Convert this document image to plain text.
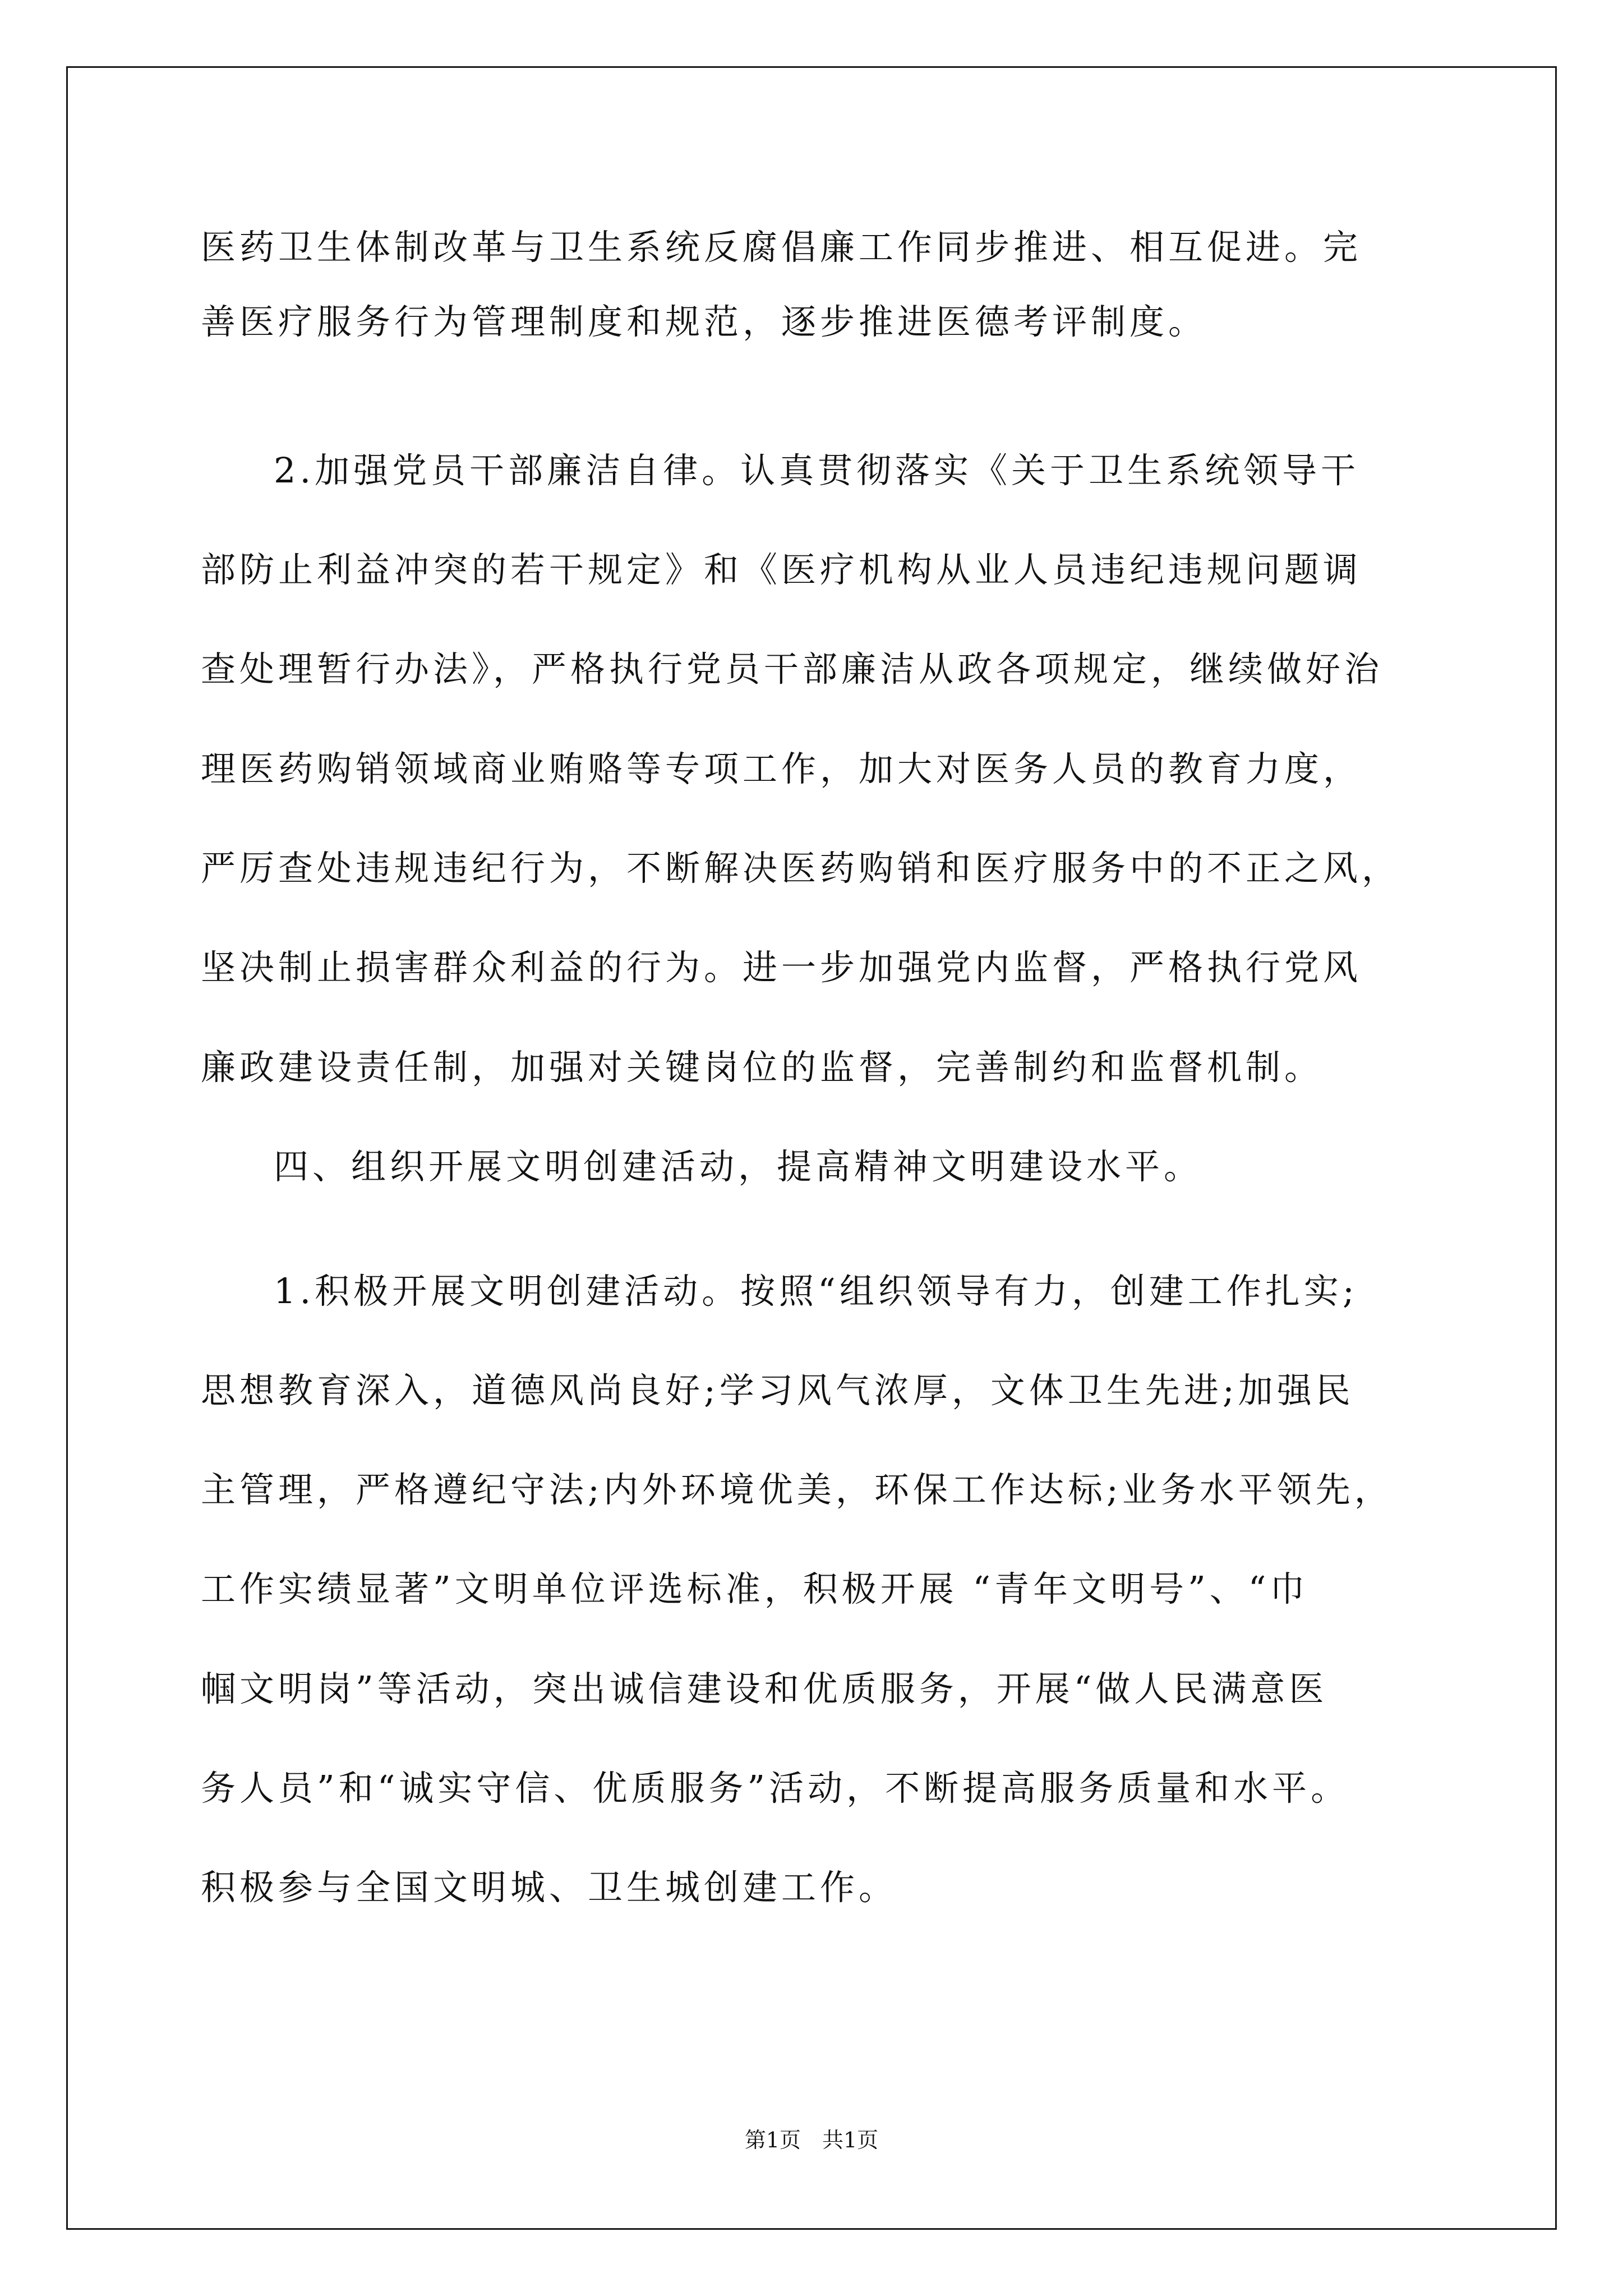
医药卫生体制改革与卫生系统反腐倡廉工作同步推进、相互促进。完

善医疗服务行为管理制度和规范，逐步推进医德考评制度。

2.加强党员干部廉洁自律。认真贯彻落实《关于卫生系统领导干

部防止利益冲突的若干规定》和《医疗机构从业人员违纪违规问题调

查处理暂行办法》，严格执行党员干部廉洁从政各项规定，继续做好治

理医药购销领域商业贿赂等专项工作，加大对医务人员的教育力度，

严厉查处违规违纪行为，不断解决医药购销和医疗服务中的不正之风，

坚决制止损害群众利益的行为。进一步加强党内监督，严格执行党风

廉政建设责任制，加强对关键岗位的监督，完善制约和监督机制。

四、组织开展文明创建活动，提高精神文明建设水平。

1.积极开展文明创建活动。按照“组织领导有力，创建工作扎实;

思想教育深入，道德风尚良好;学习风气浓厚，文体卫生先进;加强民

主管理，严格遵纪守法;内外环境优美，环保工作达标;业务水平领先，

工作实绩显著”文明单位评选标准，积极开展 “青年文明号”、“巾

帼文明岗”等活动，突出诚信建设和优质服务，开展“做人民满意医

务人员”和“诚实守信、优质服务”活动，不断提高服务质量和水平。

积极参与全国文明城、卫生城创建工作。

第1页 共1页
